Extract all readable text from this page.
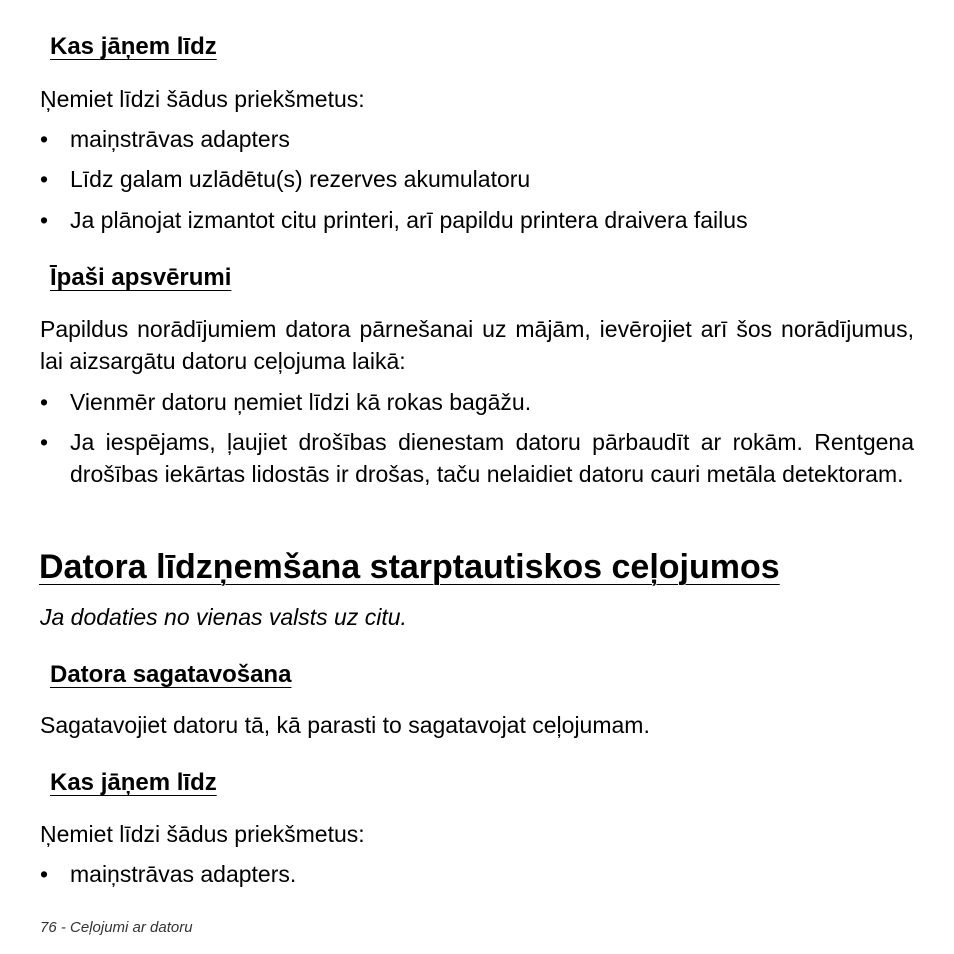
Kas jāņem līdz
Ņemiet līdzi šādus priekšmetus:
• maiņstrāvas adapters
• Līdz galam uzlādētu(s) rezerves akumulatoru
• Ja plānojat izmantot citu printeri, arī papildu printera draivera failus
Īpaši apsvērumi
Papildus norādījumiem datora pārnešanai uz mājām, ievērojiet arī šos norādījumus, lai aizsargātu datoru ceļojuma laikā:
• Vienmēr datoru ņemiet līdzi kā rokas bagāžu.
• Ja iespējams, ļaujiet drošības dienestam datoru pārbaudīt ar rokām. Rentgena drošības iekārtas lidostās ir drošas, taču nelaidiet datoru cauri metāla detektoram.
Datora līdzņemšana starptautiskos ceļojumos
Ja dodaties no vienas valsts uz citu.
Datora sagatavošana
Sagatavojiet datoru tā, kā parasti to sagatavojat ceļojumam.
Kas jāņem līdz
Ņemiet līdzi šādus priekšmetus:
• maiņstrāvas adapters.
76 - Ceļojumi ar datoru
